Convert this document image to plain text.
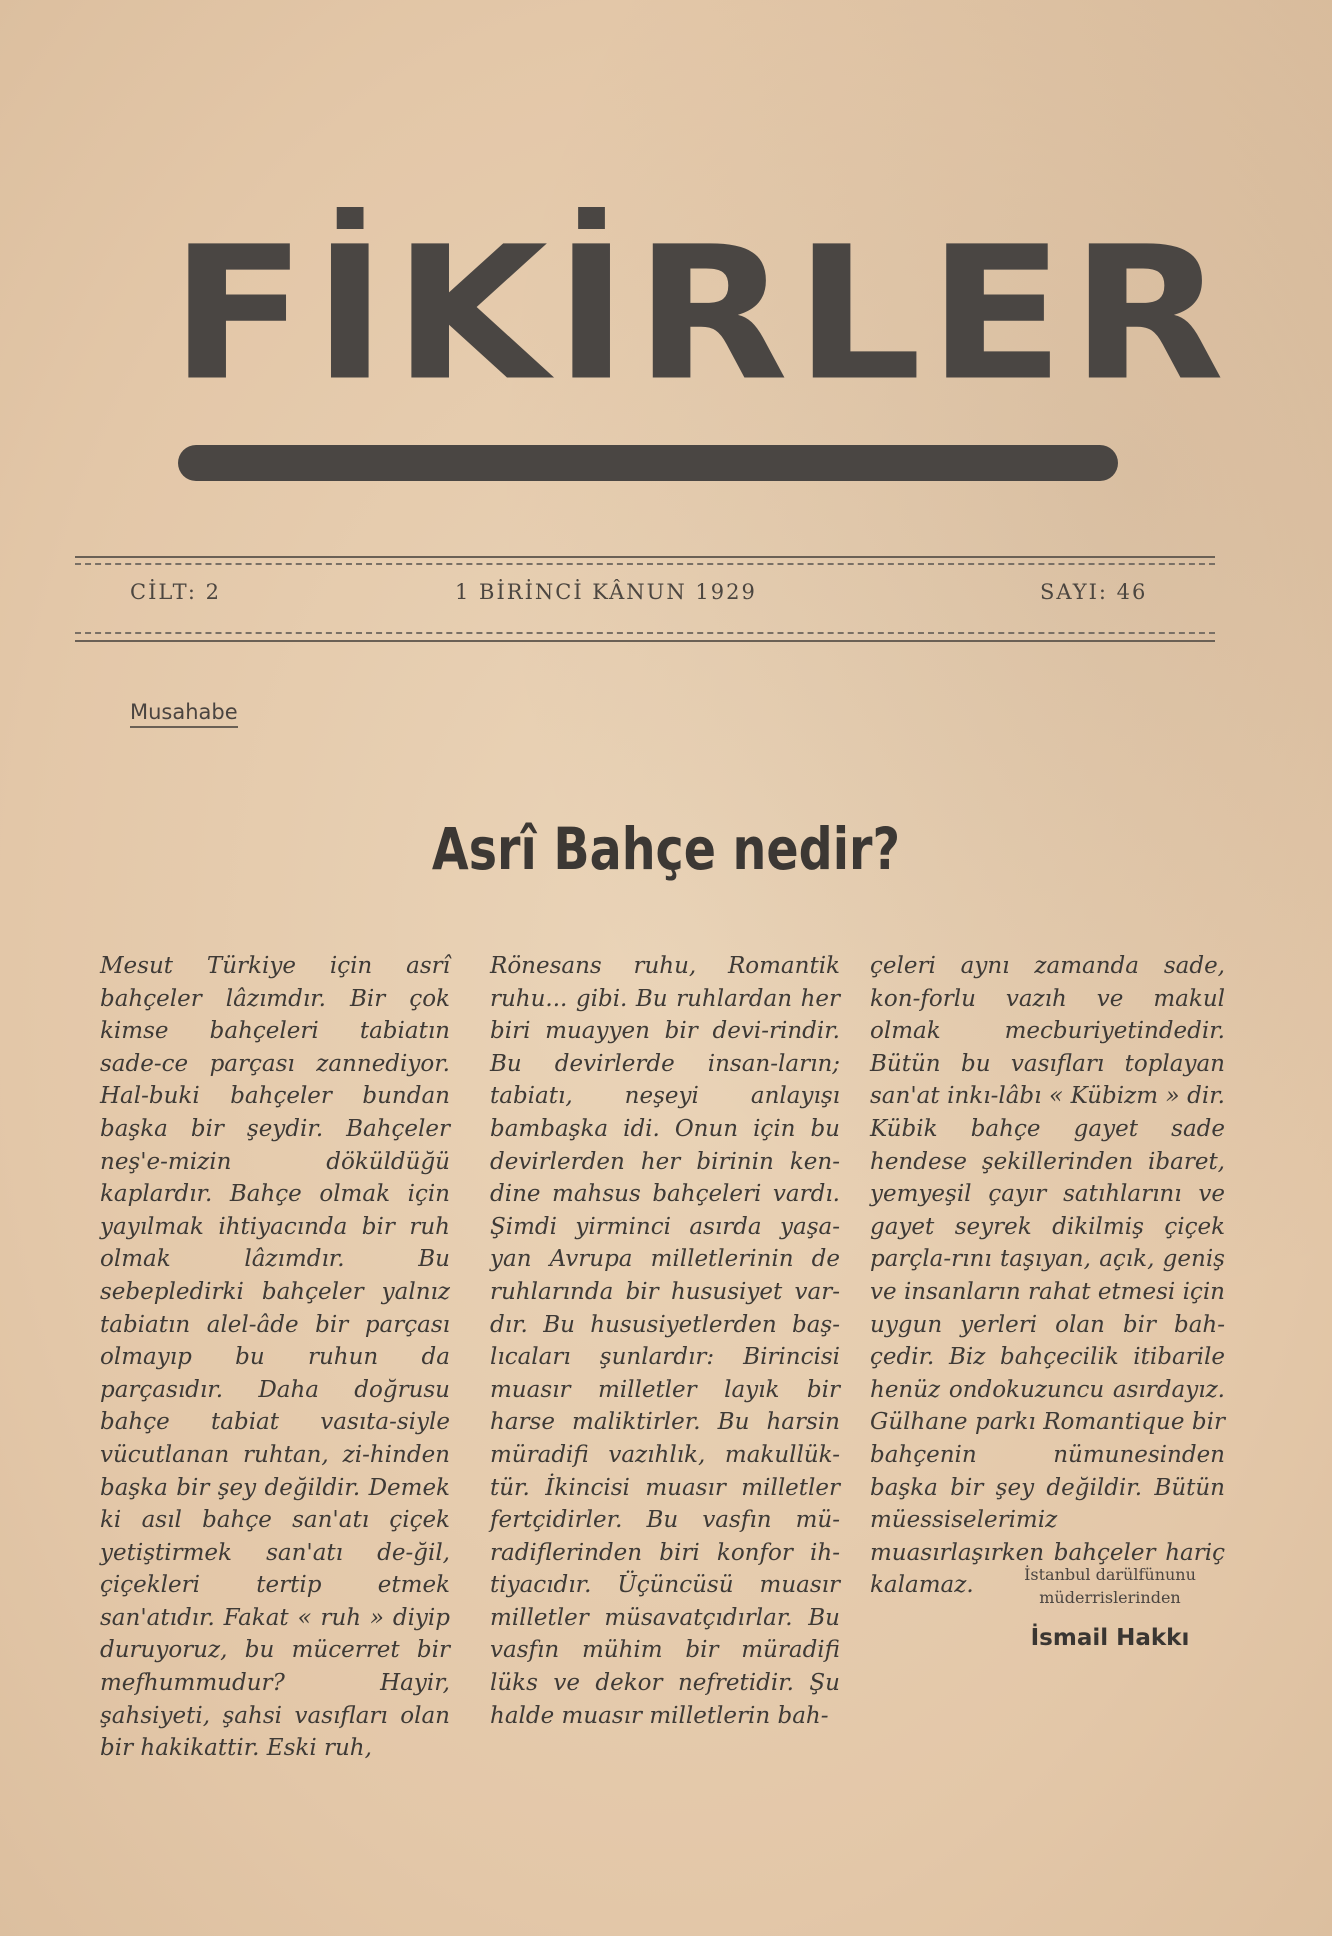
FİKİRLER
CİLT: 2	1 BİRİNCİ KÂNUN 1929	SAYI: 46
Musahabe
Asrî Bahçe nedir?

Mesut Türkiye için asrî bahçeler lâzımdır. Bir çok kimse bahçeleri tabiatın sade-ce parçası zannediyor. Hal-buki bahçeler bundan başka bir şeydir. Bahçeler neş'e-mizin döküldüğü kaplardır. Bahçe olmak için yayılmak ihtiyacında bir ruh olmak lâzımdır. Bu sebepledirki bahçeler yalnız tabiatın alel-âde bir parçası olmayıp bu ruhun da parçasıdır. Daha doğrusu bahçe tabiat vasıta-siyle vücutlanan ruhtan, zi-hinden başka bir şey değildir. Demek ki asıl bahçe san'atı çiçek yetiştirmek san'atı de-ğil, çiçekleri tertip etmek san'atıdır. Fakat « ruh » diyip duruyoruz, bu mücerret bir mefhummudur? Hayir, şahsiyeti, şahsi vasıfları olan bir hakikattir. Eski ruh,

Rönesans ruhu, Romantik ruhu... gibi. Bu ruhlardan her biri muayyen bir devi-rindir. Bu devirlerde insan-ların; tabiatı, neşeyi anlayışı bambaşka idi. Onun için bu devirlerden her birinin ken-dine mahsus bahçeleri vardı. Şimdi yirminci asırda yaşa-yan Avrupa milletlerinin de ruhlarında bir hususiyet var-dır. Bu hususiyetlerden baş-lıcaları şunlardır: Birincisi muasır milletler layık bir harse maliktirler. Bu harsin müradifi vazıhlık, makullük-tür. İkincisi muasır milletler fertçidirler. Bu vasfın mü-radiflerinden biri konfor ih-tiyacıdır. Üçüncüsü muasır milletler müsavatçıdırlar. Bu vasfın mühim bir müradifi lüks ve dekor nefretidir. Şu halde muasır milletlerin bah-

çeleri aynı zamanda sade, kon-forlu vazıh ve makul olmak mecburiyetindedir. Bütün bu vasıfları toplayan san'at inkı-lâbı « Kübizm » dir. Kübik bahçe gayet sade hendese şekillerinden ibaret, yemyeşil çayır satıhlarını ve gayet seyrek dikilmiş çiçek parçla-rını taşıyan, açık, geniş ve insanların rahat etmesi için uygun yerleri olan bir bah-çedir. Biz bahçecilik itibarile henüz ondokuzuncu asırdayız. Gülhane parkı Romantique bir bahçenin nümunesinden başka bir şey değildir. Bütün müessiselerimiz muasırlaşırken bahçeler hariç kalamaz.	İstanbul darülfünunu
müderrislerinden
İsmail Hakkı
